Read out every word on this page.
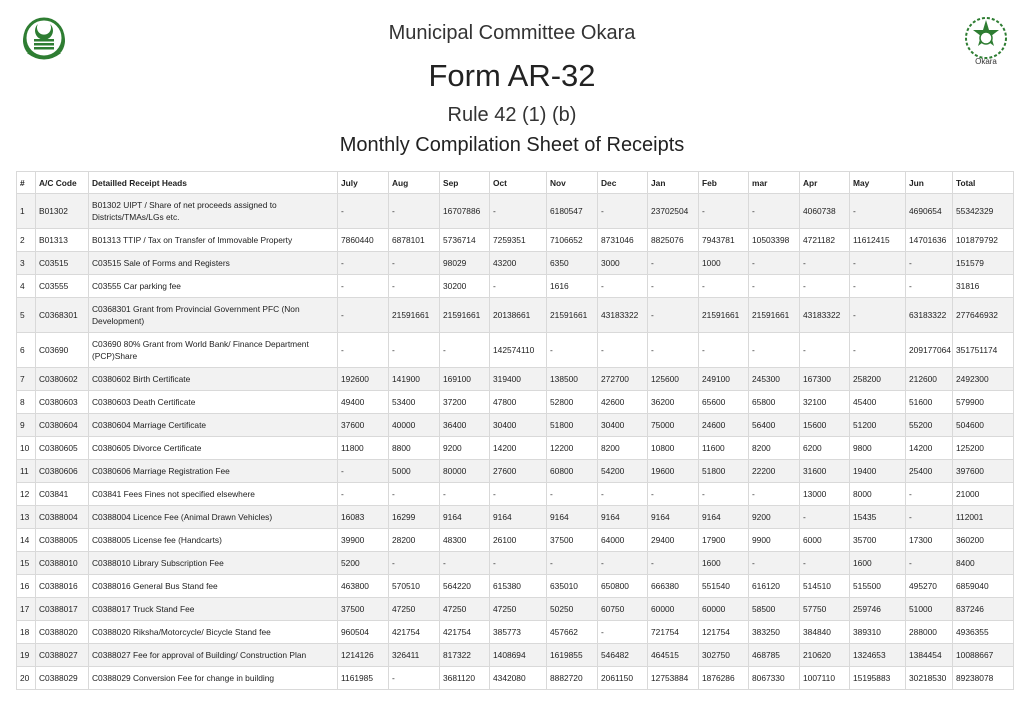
Municipal Committee Okara
Form AR-32
Rule 42 (1) (b)
Monthly Compilation Sheet of Receipts
Okara
#	A/C Code	Detailled Receipt Heads	July	Aug	Sep	Oct	Nov	Dec	Jan	Feb	mar	Apr	May	Jun	Total
1	B01302	B01302 UIPT / Share of net proceeds assigned to Districts/TMAs/LGs etc.	-	-	16707886	-	6180547	-	23702504	-	-	4060738	-	4690654	55342329
2	B01313	B01313 TTIP / Tax on Transfer of Immovable Property	7860440	6878101	5736714	7259351	7106652	8731046	8825076	7943781	10503398	4721182	11612415	14701636	101879792
3	C03515	C03515 Sale of Forms and Registers	-	-	98029	43200	6350	3000	-	1000	-	-	-	-	151579
4	C03555	C03555 Car parking fee	-	-	30200	-	1616	-	-	-	-	-	-	-	31816
5	C0368301	C0368301 Grant from Provincial Government PFC (Non Development)	-	21591661	21591661	20138661	21591661	43183322	-	21591661	21591661	43183322	-	63183322	277646932
6	C03690	C03690 80% Grant from World Bank/ Finance Department (PCP)Share	-	-	-	142574110	-	-	-	-	-	-	-	209177064	351751174
7	C0380602	C0380602 Birth Certificate	192600	141900	169100	319400	138500	272700	125600	249100	245300	167300	258200	212600	2492300
8	C0380603	C0380603 Death Certificate	49400	53400	37200	47800	52800	42600	36200	65600	65800	32100	45400	51600	579900
9	C0380604	C0380604 Marriage Certificate	37600	40000	36400	30400	51800	30400	75000	24600	56400	15600	51200	55200	504600
10	C0380605	C0380605 Divorce Certificate	11800	8800	9200	14200	12200	8200	10800	11600	8200	6200	9800	14200	125200
11	C0380606	C0380606 Marriage Registration Fee	-	5000	80000	27600	60800	54200	19600	51800	22200	31600	19400	25400	397600
12	C03841	C03841 Fees Fines not specified elsewhere	-	-	-	-	-	-	-	-	-	13000	8000	-	21000
13	C0388004	C0388004 Licence Fee (Animal Drawn Vehicles)	16083	16299	9164	9164	9164	9164	9164	9164	9200	-	15435	-	112001
14	C0388005	C0388005 License fee (Handcarts)	39900	28200	48300	26100	37500	64000	29400	17900	9900	6000	35700	17300	360200
15	C0388010	C0388010 Library Subscription Fee	5200	-	-	-	-	-	-	1600	-	-	1600	-	8400
16	C0388016	C0388016 General Bus Stand fee	463800	570510	564220	615380	635010	650800	666380	551540	616120	514510	515500	495270	6859040
17	C0388017	C0388017 Truck Stand Fee	37500	47250	47250	47250	50250	60750	60000	60000	58500	57750	259746	51000	837246
18	C0388020	C0388020 Riksha/Motorcycle/ Bicycle Stand fee	960504	421754	421754	385773	457662	-	721754	121754	383250	384840	389310	288000	4936355
19	C0388027	C0388027 Fee for approval of Building/ Construction Plan	1214126	326411	817322	1408694	1619855	546482	464515	302750	468785	210620	1324653	1384454	10088667
20	C0388029	C0388029 Conversion Fee for change in building	1161985	-	3681120	4342080	8882720	2061150	12753884	1876286	8067330	1007110	15195883	30218530	89238078
